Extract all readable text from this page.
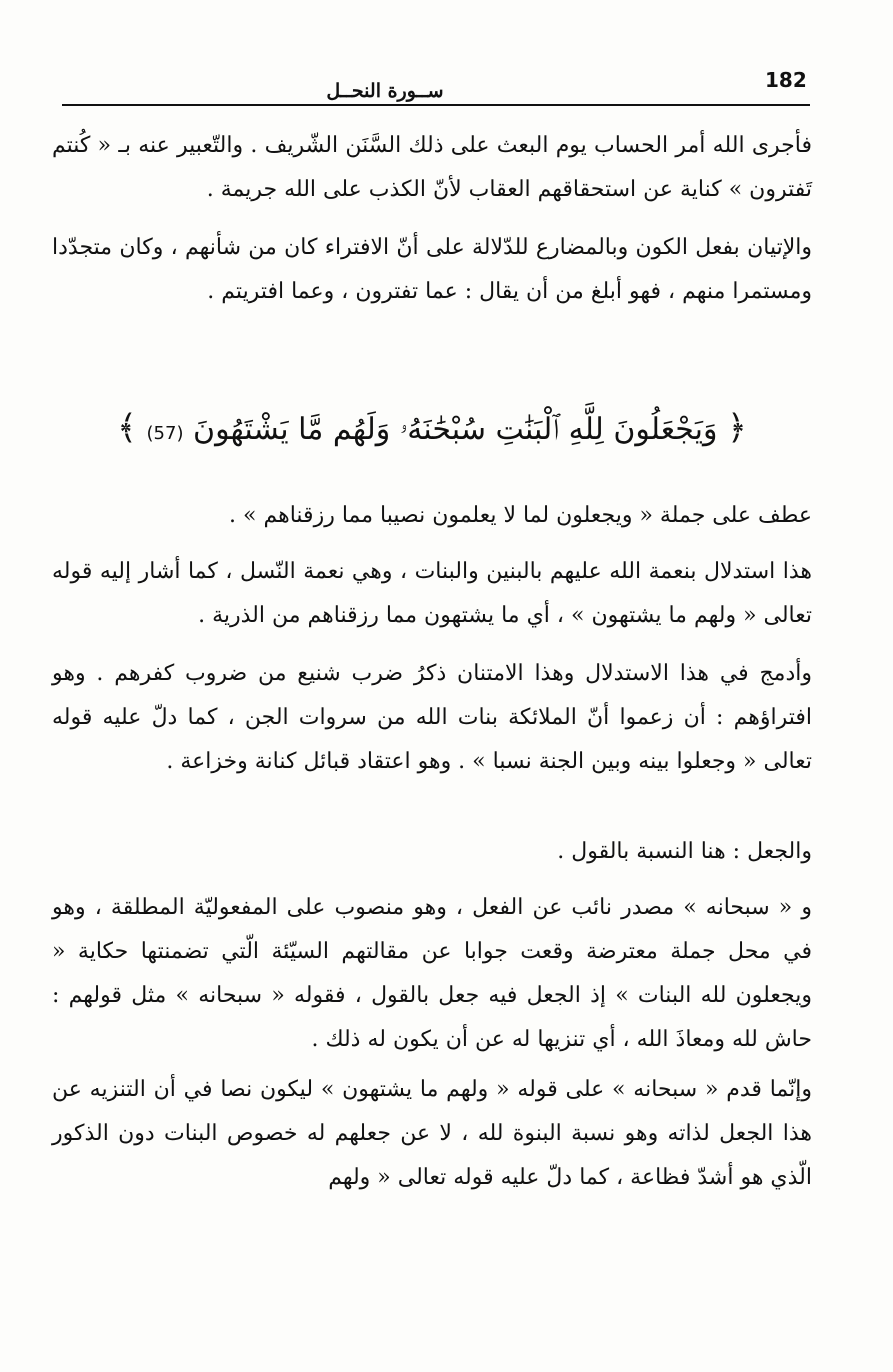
182
ســورة النحــل
فأجرى الله أمر الحساب يوم البعث على ذلك السَّنَن الشّريف . والتّعبير عنه بـ « كُنتم تَفترون » كناية عن استحقاقهم العقاب لأنّ الكذب على الله جريمة .
والإتيان بفعل الكون وبالمضارع للدّلالة على أنّ الافتراء كان من شأنهم ، وكان متجدّدا ومستمرا منهم ، فهو أبلغ من أن يقال : عما تفترون ، وعما افتريتم .
﴿ وَيَجْعَلُونَ لِلَّهِ ٱلْبَنَٰتِ سُبْحَٰنَهُۥ وَلَهُم مَّا يَشْتَهُونَ (57) ﴾
عطف على جملة « ويجعلون لما لا يعلمون نصيبا مما رزقناهم » .
هذا استدلال بنعمة الله عليهم بالبنين والبنات ، وهي نعمة النّسل ، كما أشار إليه قوله تعالى « ولهم ما يشتهون » ، أي ما يشتهون مما رزقناهم من الذرية .
وأدمج في هذا الاستدلال وهذا الامتنان ذكرُ ضرب شنيع من ضروب كفرهم . وهو افتراؤهم : أن زعموا أنّ الملائكة بنات الله من سروات الجن ، كما دلّ عليه قوله تعالى « وجعلوا بينه وبين الجنة نسبا » . وهو اعتقاد قبائل كنانة وخزاعة .
والجعل : هنا النسبة بالقول .
و « سبحانه » مصدر نائب عن الفعل ، وهو منصوب على المفعوليّة المطلقة ، وهو في محل جملة معترضة وقعت جوابا عن مقالتهم السيّئة الّتي تضمنتها حكاية « ويجعلون لله البنات » إذ الجعل فيه جعل بالقول ، فقوله « سبحانه » مثل قولهم : حاش لله ومعاذَ الله ، أي تنزيها له عن أن يكون له ذلك .
وإنّما قدم « سبحانه » على قوله « ولهم ما يشتهون » ليكون نصا في أن التنزيه عن هذا الجعل لذاته وهو نسبة البنوة لله ، لا عن جعلهم له خصوص البنات دون الذكور الّذي هو أشدّ فظاعة ، كما دلّ عليه قوله تعالى « ولهم
